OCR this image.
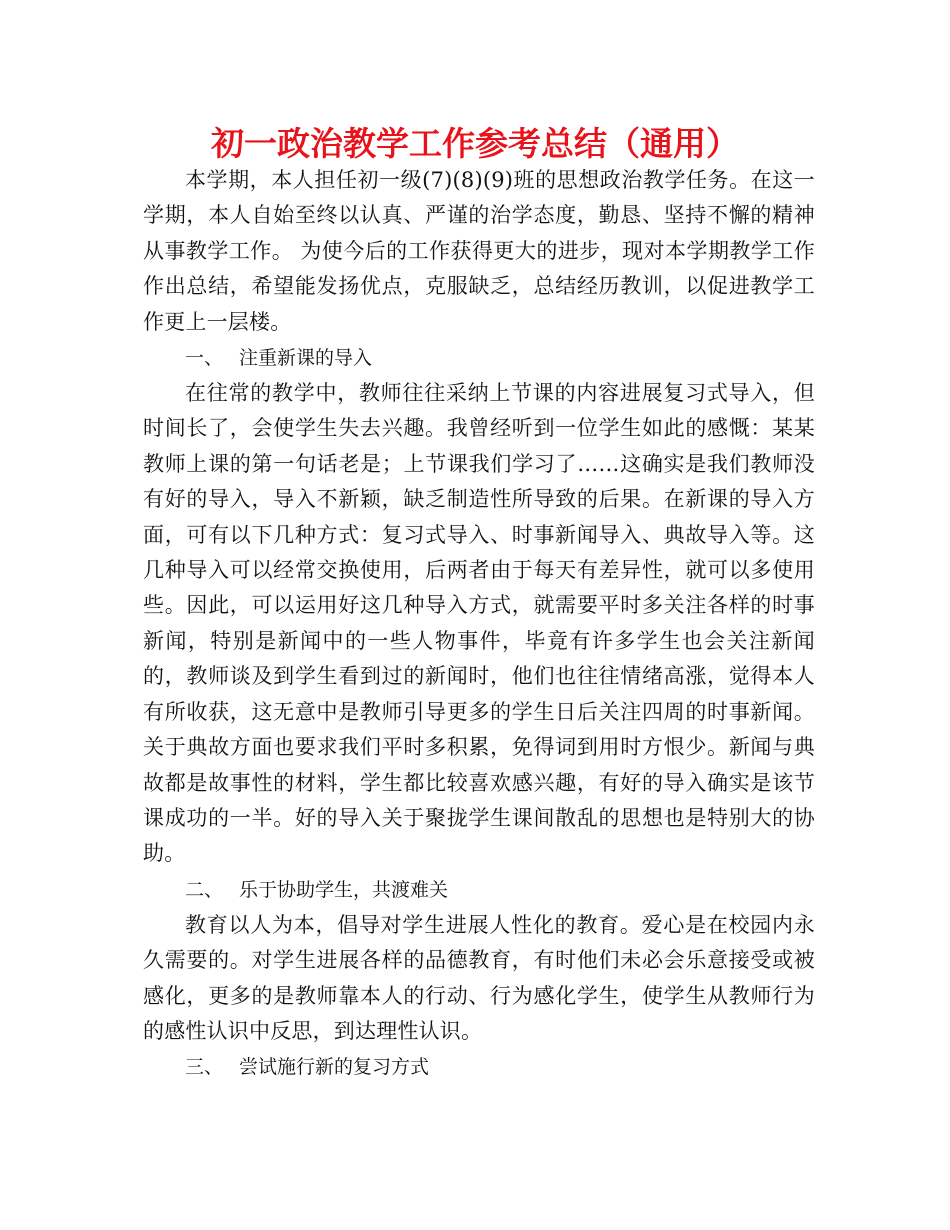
初一政治教学工作参考总结（通用）

本学期，本人担任初一级(7)(8)(9)班的思想政治教学任务。在这一学期，本人自始至终以认真、严谨的治学态度，勤恳、坚持不懈的精神从事教学工作。 为使今后的工作获得更大的进步，现对本学期教学工作作出总结，希望能发扬优点，克服缺乏，总结经历教训，以促进教学工作更上一层楼。

一、 注重新课的导入

在往常的教学中，教师往往采纳上节课的内容进展复习式导入，但时间长了，会使学生失去兴趣。我曾经听到一位学生如此的感慨：某某教师上课的第一句话老是；上节课我们学习了……这确实是我们教师没有好的导入，导入不新颖，缺乏制造性所导致的后果。在新课的导入方面，可有以下几种方式：复习式导入、时事新闻导入、典故导入等。这几种导入可以经常交换使用，后两者由于每天有差异性，就可以多使用些。因此，可以运用好这几种导入方式，就需要平时多关注各样的时事新闻，特别是新闻中的一些人物事件，毕竟有许多学生也会关注新闻的，教师谈及到学生看到过的新闻时，他们也往往情绪高涨，觉得本人有所收获，这无意中是教师引导更多的学生日后关注四周的时事新闻。关于典故方面也要求我们平时多积累，免得词到用时方恨少。新闻与典故都是故事性的材料，学生都比较喜欢感兴趣，有好的导入确实是该节课成功的一半。好的导入关于聚拢学生课间散乱的思想也是特别大的协助。

二、 乐于协助学生，共渡难关

教育以人为本，倡导对学生进展人性化的教育。爱心是在校园内永久需要的。对学生进展各样的品德教育，有时他们未必会乐意接受或被感化，更多的是教师靠本人的行动、行为感化学生，使学生从教师行为的感性认识中反思，到达理性认识。

三、 尝试施行新的复习方式
